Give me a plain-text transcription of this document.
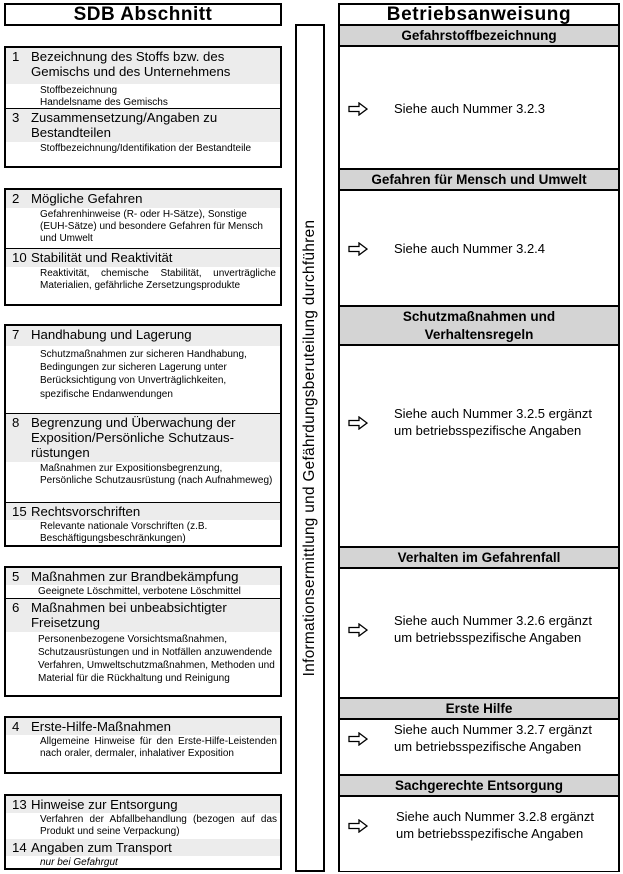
SDB Abschnitt
1 Bezeichnung des Stoffs bzw. des Gemischs und des Unternehmens
Stoffbezeichnung
Handelsname des Gemischs
3 Zusammensetzung/Angaben zu Bestandteilen
Stoffbezeichnung/Identifikation der Bestandteile
2 Mögliche Gefahren
Gefahrenhinweise (R- oder H-Sätze), Sonstige (EUH-Sätze) und besondere Gefahren für Mensch und Umwelt
10 Stabilität und Reaktivität
Reaktivität, chemische Stabilität, unverträgliche Materialien, gefährliche Zersetzungsprodukte
7 Handhabung und Lagerung
Schutzmaßnahmen zur sicheren Handhabung, Bedingungen zur sicheren Lagerung unter Berücksichtigung von Unverträglichkeiten, spezifische Endanwendungen
8 Begrenzung und Überwachung der Exposition/Persönliche Schutzaus-rüstungen
Maßnahmen zur Expositionsbegrenzung, Persönliche Schutzausrüstung (nach Aufnahmeweg)
15 Rechtsvorschriften
Relevante nationale Vorschriften (z.B. Beschäftigungsbeschränkungen)
5 Maßnahmen zur Brandbekämpfung
Geeignete Löschmittel, verbotene Löschmittel
6 Maßnahmen bei unbeabsichtigter Freisetzung
Personenbezogene Vorsichtsmaßnahmen, Schutzausrüstungen und in Notfällen anzuwendende Verfahren, Umweltschutzmaßnahmen, Methoden und Material für die Rückhaltung und Reinigung
4 Erste-Hilfe-Maßnahmen
Allgemeine Hinweise für den Erste-Hilfe-Leistenden nach oraler, dermaler, inhalativer Exposition
13 Hinweise zur Entsorgung
Verfahren der Abfallbehandlung (bezogen auf das Produkt und seine Verpackung)
14 Angaben zum Transport
nur bei Gefahrgut
Informationsermittlung und Gefährdungsberuteilung durchführen
Betriebsanweisung
Gefahrstoffbezeichnung
Siehe auch Nummer 3.2.3
Gefahren für Mensch und Umwelt
Siehe auch Nummer 3.2.4
Schutzmaßnahmen und Verhaltensregeln
Siehe auch Nummer 3.2.5 ergänzt um betriebsspezifische Angaben
Verhalten im Gefahrenfall
Siehe auch Nummer 3.2.6 ergänzt um betriebsspezifische Angaben
Erste Hilfe
Siehe auch Nummer 3.2.7 ergänzt um betriebsspezifische Angaben
Sachgerechte Entsorgung
Siehe auch Nummer 3.2.8 ergänzt um betriebsspezifische Angaben
